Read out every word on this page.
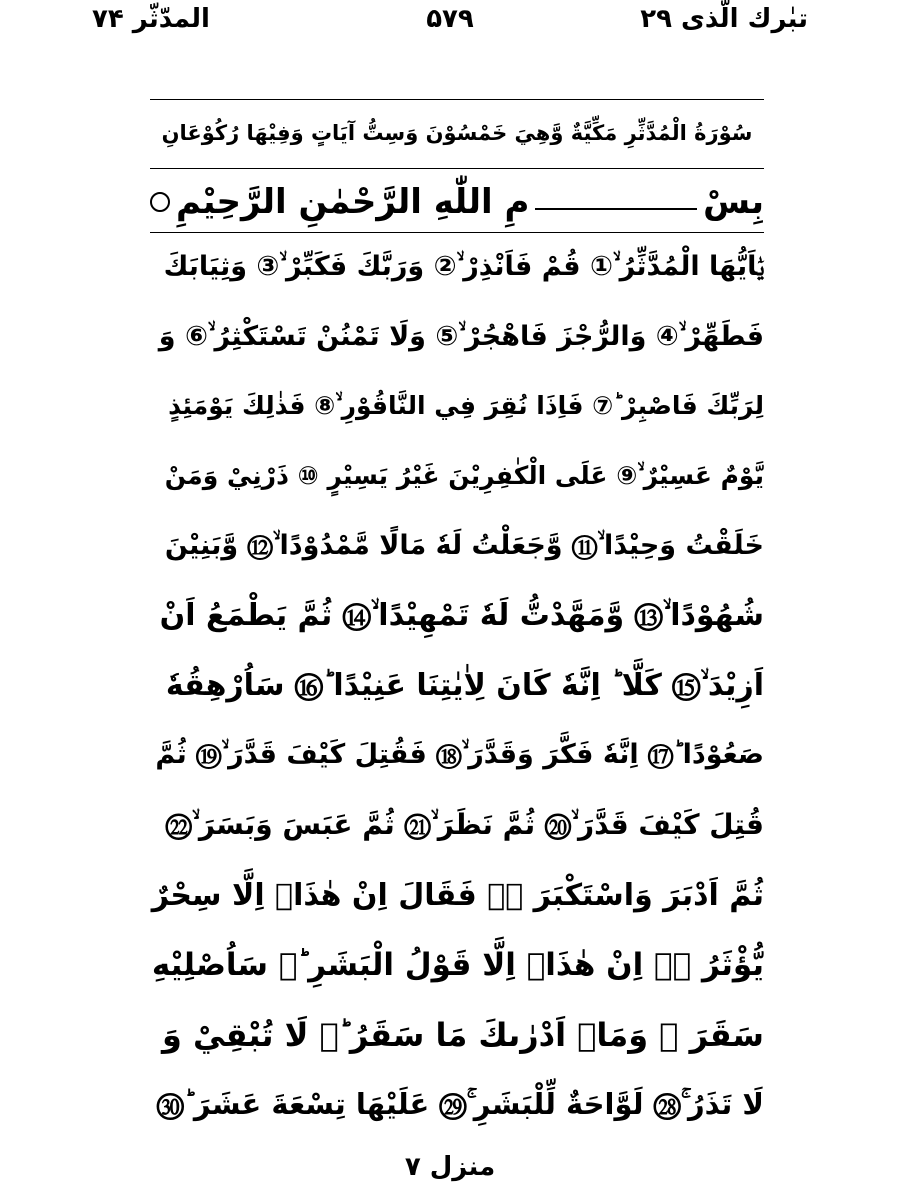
تبٰرك الّذی ۲۹
۵۷۹
المدّثّر ۷۴
سُوْرَةُ الْمُدَّثِّرِ مَكِّيَّةٌ وَّهِيَ خَمْسُوْنَ وَسِتُّ آيَاتٍ وَفِيْهَا رُكُوْعَانِ
بِسْ
مِ اللّٰهِ الرَّحْمٰنِ الرَّحِيْمِ
يٰۤاَيُّهَا الْمُدَّثِّرُ ۙ① قُمْ فَاَنْذِرْ ۙ② وَرَبَّكَ فَكَبِّرْ ۙ③ وَثِيَابَكَ
فَطَهِّرْ ۙ④ وَالرُّجْزَ فَاهْجُرْ ۙ⑤ وَلَا تَمْنُنْ تَسْتَكْثِرُ ۙ⑥ وَ
لِرَبِّكَ فَاصْبِرْ ؕ⑦ فَاِذَا نُقِرَ فِي النَّاقُوْرِ ۙ⑧ فَذٰلِكَ يَوْمَئِذٍ
يَّوْمٌ عَسِيْرٌ ۙ⑨ عَلَى الْكٰفِرِيْنَ غَيْرُ يَسِيْرٍ ⑩ ذَرْنِيْ وَمَنْ
خَلَقْتُ وَحِيْدًا ۙ⑪ وَّجَعَلْتُ لَهٗ مَالًا مَّمْدُوْدًا ۙ⑫ وَّبَنِيْنَ
شُهُوْدًا ۙ⑬ وَّمَهَّدْتُّ لَهٗ تَمْهِيْدًا ۙ⑭ ثُمَّ يَطْمَعُ اَنْ
اَزِيْدَ ۙ⑮ كَلَّا ؕ اِنَّهٗ كَانَ لِاٰيٰتِنَا عَنِيْدًا ؕ⑯ سَاُرْهِقُهٗ
صَعُوْدًا ؕ⑰ اِنَّهٗ فَكَّرَ وَقَدَّرَ ۙ⑱ فَقُتِلَ كَيْفَ قَدَّرَ ۙ⑲ ثُمَّ
قُتِلَ كَيْفَ قَدَّرَ ۙ⑳ ثُمَّ نَظَرَ ۙ㉑ ثُمَّ عَبَسَ وَبَسَرَ ۙ㉒
ثُمَّ اَدْبَرَ وَاسْتَكْبَرَ ۙ㉓ فَقَالَ اِنْ هٰذَاۤ اِلَّا سِحْرٌ
يُّؤْثَرُ ۙ㉔ اِنْ هٰذَاۤ اِلَّا قَوْلُ الْبَشَرِ ؕ㉕ سَاُصْلِيْهِ
سَقَرَ ㉖ وَمَاۤ اَدْرٰىكَ مَا سَقَرُ ؕ㉗ لَا تُبْقِيْ وَ
لَا تَذَرُ ۚ㉘ لَوَّاحَةٌ لِّلْبَشَرِ ۚ㉙ عَلَيْهَا تِسْعَةَ عَشَرَ ؕ㉚
منزل ۷
